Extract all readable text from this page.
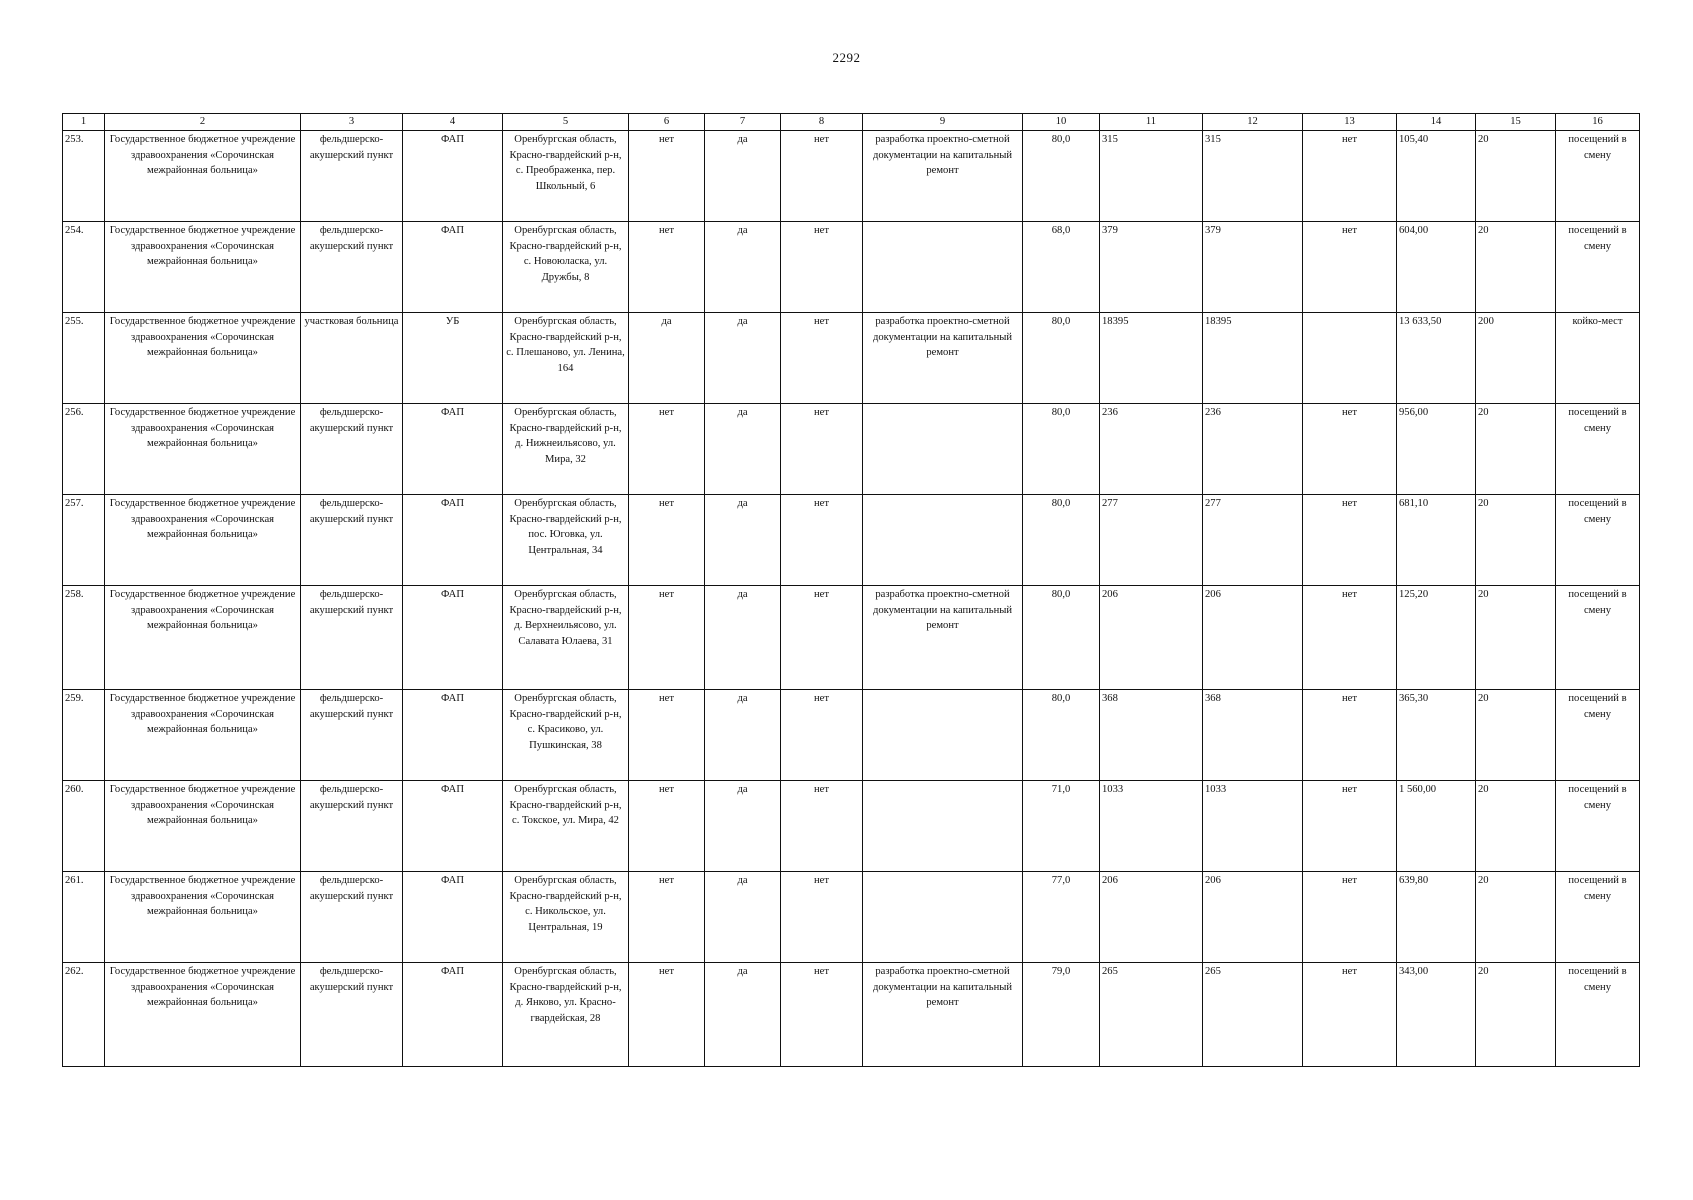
2292
1	2	3	4	5	6	7	8	9	10	11	12	13	14	15	16
253.	Государственное бюджетное учреждение здравоохранения «Сорочинская межрайонная больница»	фельдшерско-акушерский пункт	ФАП	Оренбургская область, Красно-гвардейский р-н, с. Преображенка, пер. Школьный, 6	нет	да	нет	разработка проектно-сметной документации на капитальный ремонт	80,0	315	315	нет	105,40	20	посещений в смену
254.	Государственное бюджетное учреждение здравоохранения «Сорочинская межрайонная больница»	фельдшерско-акушерский пункт	ФАП	Оренбургская область, Красно-гвардейский р-н, с. Новоюласка, ул. Дружбы, 8	нет	да	нет		68,0	379	379	нет	604,00	20	посещений в смену
255.	Государственное бюджетное учреждение здравоохранения «Сорочинская межрайонная больница»	участковая больница	УБ	Оренбургская область, Красно-гвардейский р-н, с. Плешаново, ул. Ленина, 164	да	да	нет	разработка проектно-сметной документации на капитальный ремонт	80,0	18395	18395		13 633,50	200	койко-мест
256.	Государственное бюджетное учреждение здравоохранения «Сорочинская межрайонная больница»	фельдшерско-акушерский пункт	ФАП	Оренбургская область, Красно-гвардейский р-н, д. Нижнеильясово, ул. Мира, 32	нет	да	нет		80,0	236	236	нет	956,00	20	посещений в смену
257.	Государственное бюджетное учреждение здравоохранения «Сорочинская межрайонная больница»	фельдшерско-акушерский пункт	ФАП	Оренбургская область, Красно-гвардейский р-н, пос. Юговка, ул. Центральная, 34	нет	да	нет		80,0	277	277	нет	681,10	20	посещений в смену
258.	Государственное бюджетное учреждение здравоохранения «Сорочинская межрайонная больница»	фельдшерско-акушерский пункт	ФАП	Оренбургская область, Красно-гвардейский р-н, д. Верхнеильясово, ул. Салавата Юлаева, 31	нет	да	нет	разработка проектно-сметной документации на капитальный ремонт	80,0	206	206	нет	125,20	20	посещений в смену
259.	Государственное бюджетное учреждение здравоохранения «Сорочинская межрайонная больница»	фельдшерско-акушерский пункт	ФАП	Оренбургская область, Красно-гвардейский р-н, с. Красиково, ул. Пушкинская, 38	нет	да	нет		80,0	368	368	нет	365,30	20	посещений в смену
260.	Государственное бюджетное учреждение здравоохранения «Сорочинская межрайонная больница»	фельдшерско-акушерский пункт	ФАП	Оренбургская область, Красно-гвардейский р-н, с. Токское, ул. Мира, 42	нет	да	нет		71,0	1033	1033	нет	1 560,00	20	посещений в смену
261.	Государственное бюджетное учреждение здравоохранения «Сорочинская межрайонная больница»	фельдшерско-акушерский пункт	ФАП	Оренбургская область, Красно-гвардейский р-н, с. Никольское, ул. Центральная, 19	нет	да	нет		77,0	206	206	нет	639,80	20	посещений в смену
262.	Государственное бюджетное учреждение здравоохранения «Сорочинская межрайонная больница»	фельдшерско-акушерский пункт	ФАП	Оренбургская область, Красно-гвардейский р-н, д. Янково, ул. Красно-гвардейская, 28	нет	да	нет	разработка проектно-сметной документации на капитальный ремонт	79,0	265	265	нет	343,00	20	посещений в смену
